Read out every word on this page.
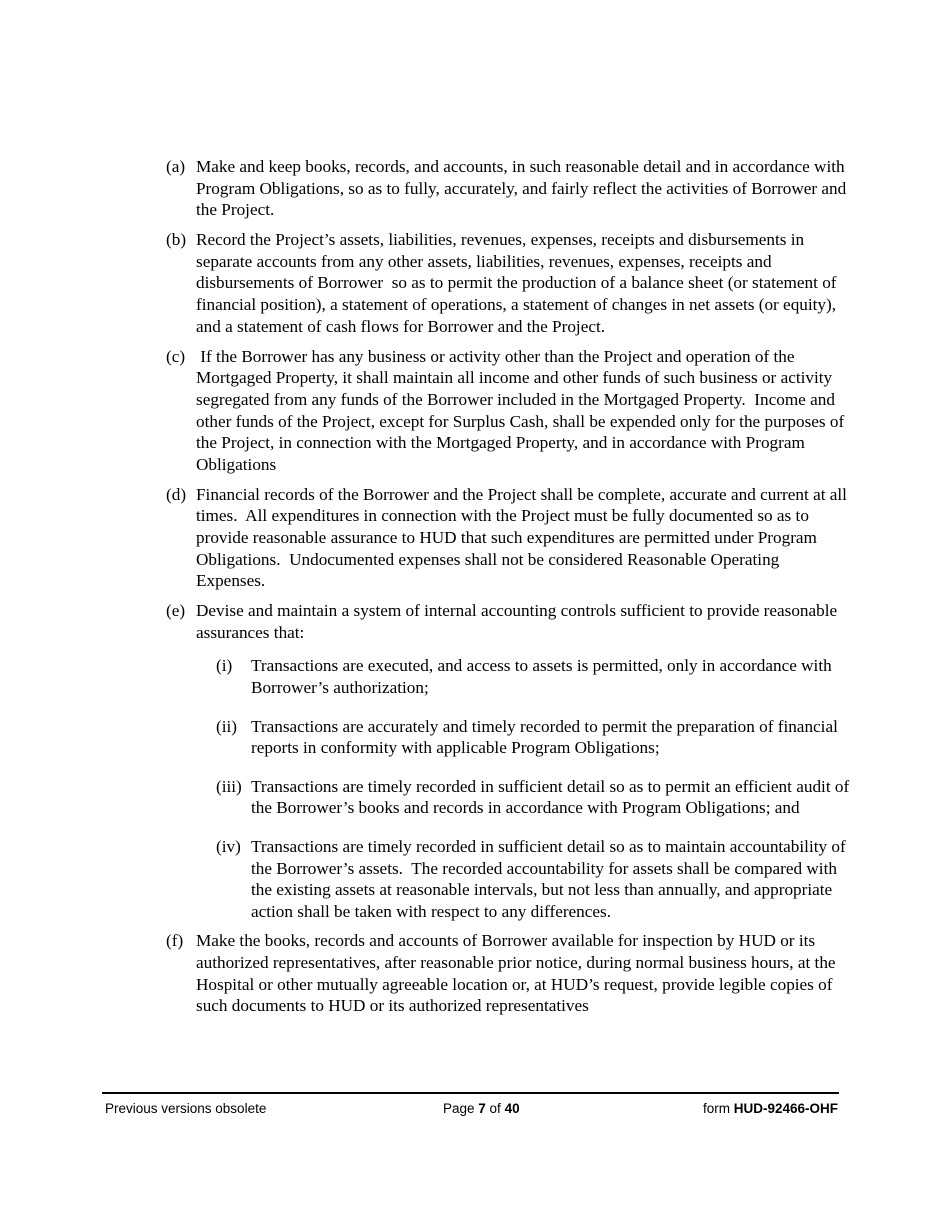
(a) Make and keep books, records, and accounts, in such reasonable detail and in accordance with Program Obligations, so as to fully, accurately, and fairly reflect the activities of Borrower and the Project.
(b) Record the Project’s assets, liabilities, revenues, expenses, receipts and disbursements in separate accounts from any other assets, liabilities, revenues, expenses, receipts and disbursements of Borrower  so as to permit the production of a balance sheet (or statement of financial position), a statement of operations, a statement of changes in net assets (or equity), and a statement of cash flows for Borrower and the Project.
(c) If the Borrower has any business or activity other than the Project and operation of the Mortgaged Property, it shall maintain all income and other funds of such business or activity segregated from any funds of the Borrower included in the Mortgaged Property.  Income and other funds of the Project, except for Surplus Cash, shall be expended only for the purposes of the Project, in connection with the Mortgaged Property, and in accordance with Program Obligations
(d) Financial records of the Borrower and the Project shall be complete, accurate and current at all times.  All expenditures in connection with the Project must be fully documented so as to provide reasonable assurance to HUD that such expenditures are permitted under Program Obligations.  Undocumented expenses shall not be considered Reasonable Operating Expenses.
(e) Devise and maintain a system of internal accounting controls sufficient to provide reasonable assurances that:
(i)	Transactions are executed, and access to assets is permitted, only in accordance with Borrower’s authorization;
(ii) Transactions are accurately and timely recorded to permit the preparation of financial reports in conformity with applicable Program Obligations;
(iii) Transactions are timely recorded in sufficient detail so as to permit an efficient audit of the Borrower’s books and records in accordance with Program Obligations; and
(iv) Transactions are timely recorded in sufficient detail so as to maintain accountability of the Borrower’s assets.  The recorded accountability for assets shall be compared with the existing assets at reasonable intervals, but not less than annually, and appropriate action shall be taken with respect to any differences.
(f) Make the books, records and accounts of Borrower available for inspection by HUD or its authorized representatives, after reasonable prior notice, during normal business hours, at the Hospital or other mutually agreeable location or, at HUD’s request, provide legible copies of such documents to HUD or its authorized representatives
Previous versions obsolete	Page 7 of 40	form HUD-92466-OHF
